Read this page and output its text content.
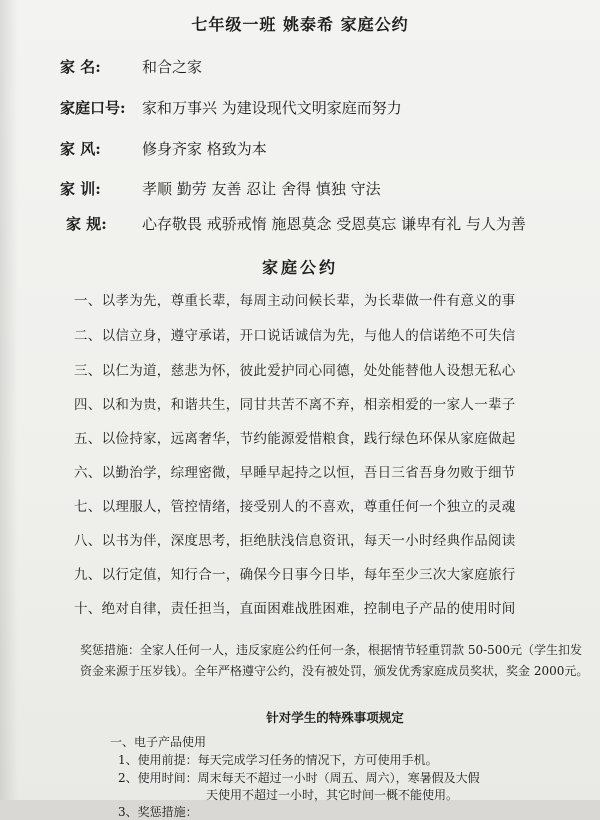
七年级一班 姚泰希 家庭公约
家 名:	和合之家
家庭口号: 家和万事兴 为建设现代文明家庭而努力
家 风:	修身齐家 格致为本
家 训:	孝顺 勤劳 友善 忍让 舍得 慎独 守法
家 规: 心存敬畏 戒骄戒惰 施恩莫念 受恩莫忘 谦卑有礼 与人为善
家庭公约
一、以孝为先，尊重长辈，每周主动问候长辈，为长辈做一件有意义的事
二、以信立身，遵守承诺，开口说话诚信为先，与他人的信诺绝不可失信
三、以仁为道，慈悲为怀，彼此爱护同心同德，处处能替他人设想无私心
四、以和为贵，和谐共生，同甘共苦不离不弃，相亲相爱的一家人一辈子
五、以俭持家，远离奢华，节约能源爱惜粮食，践行绿色环保从家庭做起
六、以勤治学，综理密微，早睡早起持之以恒，吾日三省吾身勿败于细节
七、以理服人，管控情绪，接受别人的不喜欢，尊重任何一个独立的灵魂
八、以书为伴，深度思考，拒绝肤浅信息资讯，每天一小时经典作品阅读
九、以行定值，知行合一，确保今日事今日毕，每年至少三次大家庭旅行
十、绝对自律，责任担当，直面困难战胜困难，控制电子产品的使用时间
奖惩措施：全家人任何一人，违反家庭公约任何一条，根据情节轻重罚款 50-500元（学生扣发资金来源于压岁钱）。全年严格遵守公约，没有被处罚，颁发优秀家庭成员奖状，奖金 2000元。
针对学生的特殊事项规定
一、电子产品使用
1、使用前提：每天完成学习任务的情况下，方可使用手机。
2、使用时间：周末每天不超过一小时（周五、周六），寒暑假及大假
天使用不超过一小时，其它时间一概不能使用。
3、奖惩措施：
